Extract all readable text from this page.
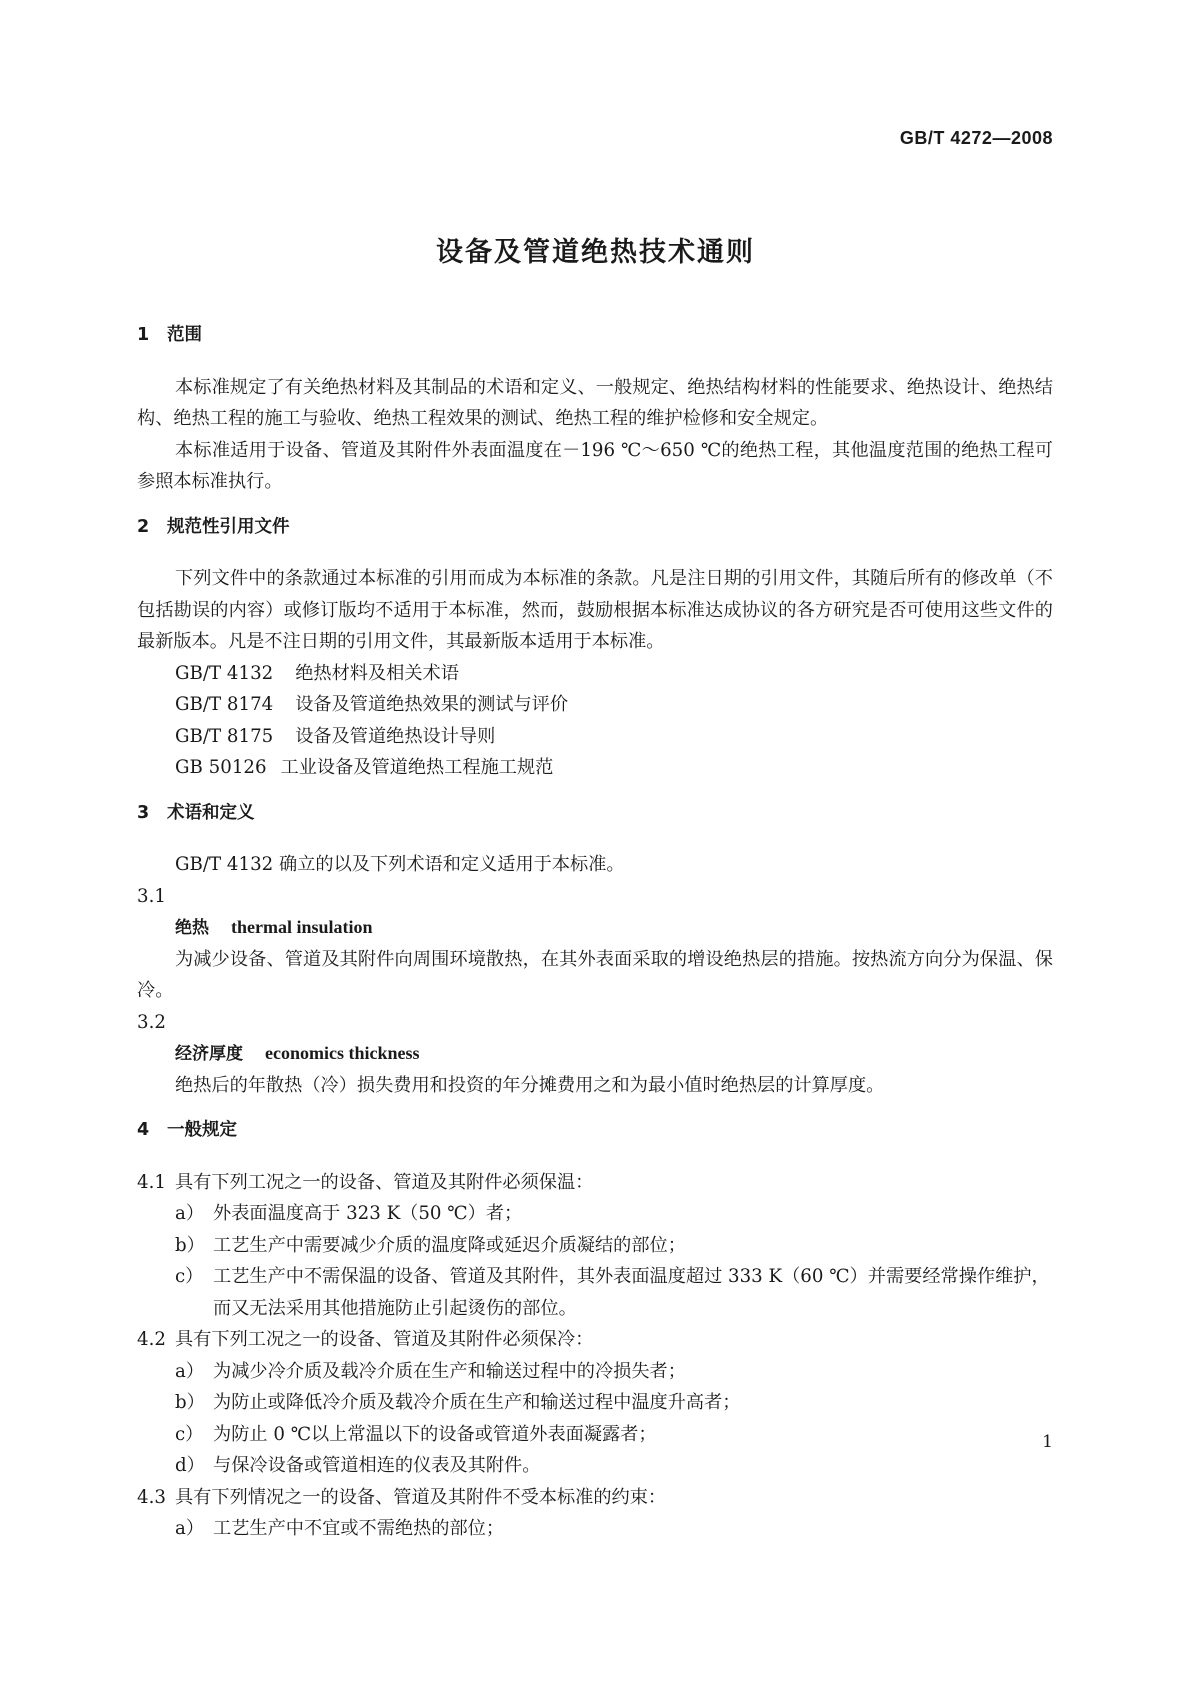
GB/T 4272—2008
设备及管道绝热技术通则
1 范围

本标准规定了有关绝热材料及其制品的术语和定义、一般规定、绝热结构材料的性能要求、绝热设计、绝热结构、绝热工程的施工与验收、绝热工程效果的测试、绝热工程的维护检修和安全规定。

本标准适用于设备、管道及其附件外表面温度在－196 ℃～650 ℃的绝热工程，其他温度范围的绝热工程可参照本标准执行。

2 规范性引用文件

下列文件中的条款通过本标准的引用而成为本标准的条款。凡是注日期的引用文件，其随后所有的修改单（不包括勘误的内容）或修订版均不适用于本标准，然而，鼓励根据本标准达成协议的各方研究是否可使用这些文件的最新版本。凡是不注日期的引用文件，其最新版本适用于本标准。

GB/T 4132 绝热材料及相关术语
GB/T 8174 设备及管道绝热效果的测试与评价
GB/T 8175 设备及管道绝热设计导则
GB 50126 工业设备及管道绝热工程施工规范
3 术语和定义

GB/T 4132 确立的以及下列术语和定义适用于本标准。

3.1
绝热 thermal insulation

为减少设备、管道及其附件向周围环境散热，在其外表面采取的增设绝热层的措施。按热流方向分为保温、保冷。

3.2
经济厚度 economics thickness

绝热后的年散热（冷）损失费用和投资的年分摊费用之和为最小值时绝热层的计算厚度。

4 一般规定
4.1 具有下列工况之一的设备、管道及其附件必须保温：
a） 外表面温度高于 323 K（50 ℃）者；
b） 工艺生产中需要减少介质的温度降或延迟介质凝结的部位；
c） 工艺生产中不需保温的设备、管道及其附件，其外表面温度超过 333 K（60 ℃）并需要经常操作维护，而又无法采用其他措施防止引起烫伤的部位。
4.2 具有下列工况之一的设备、管道及其附件必须保冷：
a） 为减少冷介质及载冷介质在生产和输送过程中的冷损失者；
b） 为防止或降低冷介质及载冷介质在生产和输送过程中温度升高者；
c） 为防止 0 ℃以上常温以下的设备或管道外表面凝露者；
d） 与保冷设备或管道相连的仪表及其附件。
4.3 具有下列情况之一的设备、管道及其附件不受本标准的约束：
a） 工艺生产中不宜或不需绝热的部位；
1
